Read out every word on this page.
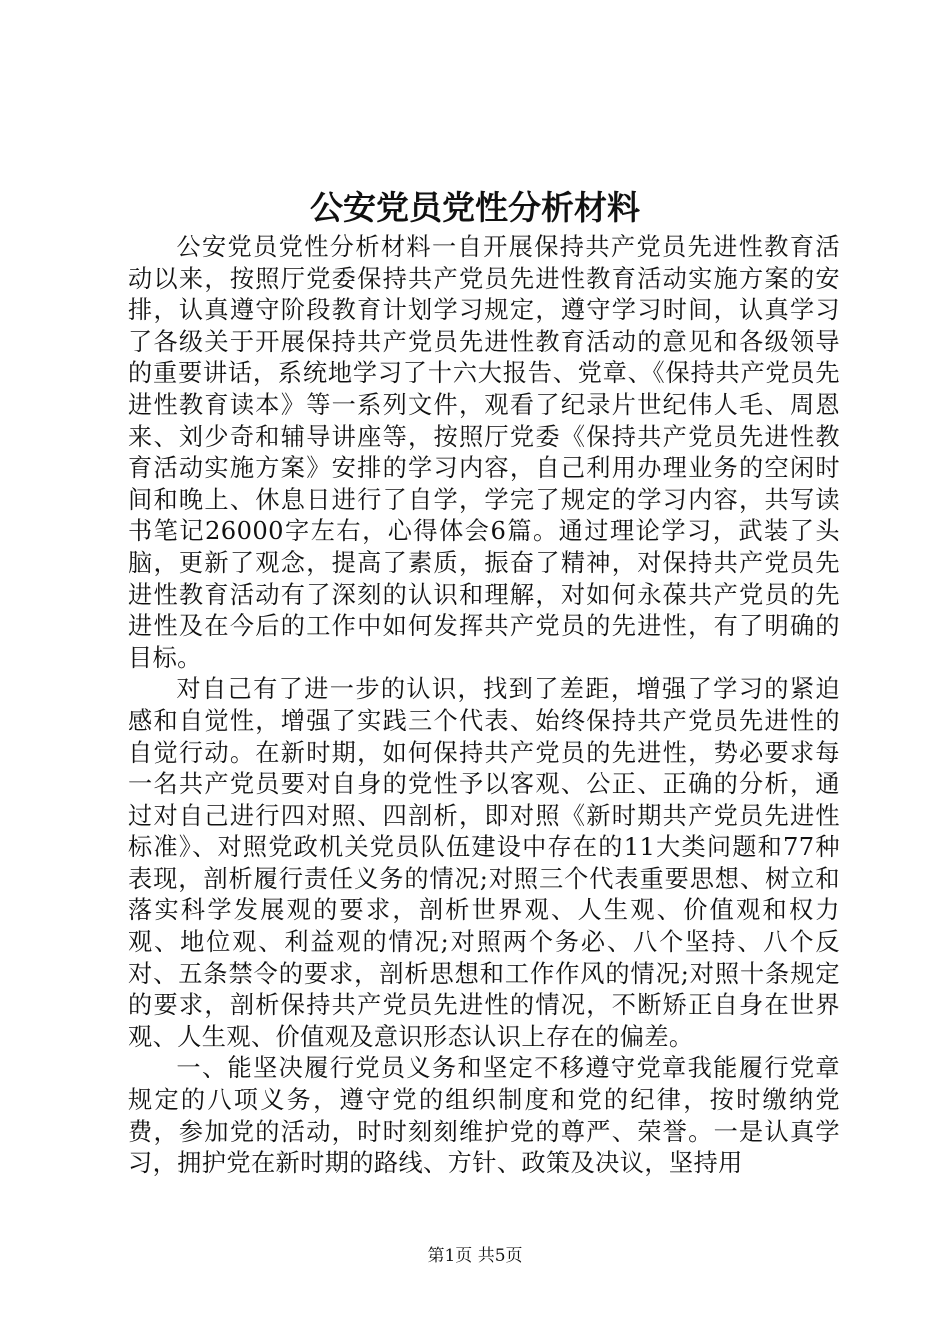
公安党员党性分析材料

公安党员党性分析材料一自开展保持共产党员先进性教育活动以来，按照厅党委保持共产党员先进性教育活动实施方案的安排，认真遵守阶段教育计划学习规定，遵守学习时间，认真学习了各级关于开展保持共产党员先进性教育活动的意见和各级领导的重要讲话，系统地学习了十六大报告、党章、《保持共产党员先进性教育读本》等一系列文件，观看了纪录片世纪伟人毛、周恩来、刘少奇和辅导讲座等，按照厅党委《保持共产党员先进性教育活动实施方案》安排的学习内容，自己利用办理业务的空闲时间和晚上、休息日进行了自学，学完了规定的学习内容，共写读书笔记26000字左右，心得体会6篇。通过理论学习，武装了头脑，更新了观念，提高了素质，振奋了精神，对保持共产党员先进性教育活动有了深刻的认识和理解，对如何永葆共产党员的先进性及在今后的工作中如何发挥共产党员的先进性，有了明确的目标。

对自己有了进一步的认识，找到了差距，增强了学习的紧迫感和自觉性，增强了实践三个代表、始终保持共产党员先进性的自觉行动。在新时期，如何保持共产党员的先进性，势必要求每一名共产党员要对自身的党性予以客观、公正、正确的分析，通过对自己进行四对照、四剖析，即对照《新时期共产党员先进性标准》、对照党政机关党员队伍建设中存在的11大类问题和77种表现，剖析履行责任义务的情况;对照三个代表重要思想、树立和落实科学发展观的要求，剖析世界观、人生观、价值观和权力观、地位观、利益观的情况;对照两个务必、八个坚持、八个反对、五条禁令的要求，剖析思想和工作作风的情况;对照十条规定的要求，剖析保持共产党员先进性的情况，不断矫正自身在世界观、人生观、价值观及意识形态认识上存在的偏差。

一、能坚决履行党员义务和坚定不移遵守党章我能履行党章规定的八项义务，遵守党的组织制度和党的纪律，按时缴纳党费，参加党的活动，时时刻刻维护党的尊严、荣誉。一是认真学习，拥护党在新时期的路线、方针、政策及决议，坚持用

第1页 共5页
